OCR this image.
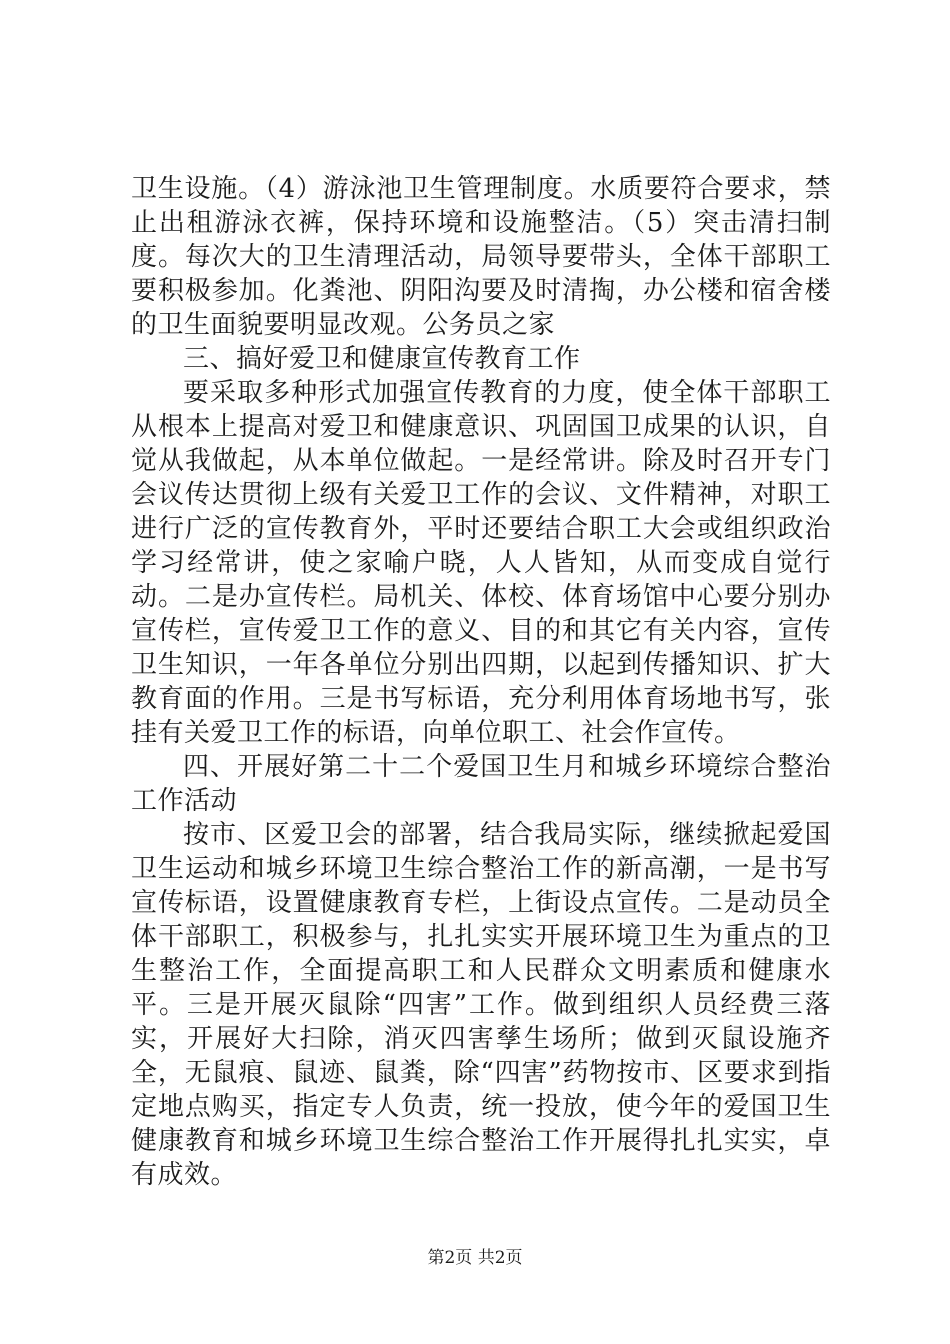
卫生设施。（4）游泳池卫生管理制度。水质要符合要求，禁止出租游泳衣裤，保持环境和设施整洁。（5）突击清扫制度。每次大的卫生清理活动，局领导要带头，全体干部职工要积极参加。化粪池、阴阳沟要及时清掏，办公楼和宿舍楼的卫生面貌要明显改观。公务员之家

三、搞好爱卫和健康宣传教育工作

要采取多种形式加强宣传教育的力度，使全体干部职工从根本上提高对爱卫和健康意识、巩固国卫成果的认识，自觉从我做起，从本单位做起。一是经常讲。除及时召开专门会议传达贯彻上级有关爱卫工作的会议、文件精神，对职工进行广泛的宣传教育外，平时还要结合职工大会或组织政治学习经常讲，使之家喻户晓，人人皆知，从而变成自觉行动。二是办宣传栏。局机关、体校、体育场馆中心要分别办宣传栏，宣传爱卫工作的意义、目的和其它有关内容，宣传卫生知识，一年各单位分别出四期，以起到传播知识、扩大教育面的作用。三是书写标语，充分利用体育场地书写，张挂有关爱卫工作的标语，向单位职工、社会作宣传。

四、开展好第二十二个爱国卫生月和城乡环境综合整治工作活动

按市、区爱卫会的部署，结合我局实际，继续掀起爱国卫生运动和城乡环境卫生综合整治工作的新高潮，一是书写宣传标语，设置健康教育专栏，上街设点宣传。二是动员全体干部职工，积极参与，扎扎实实开展环境卫生为重点的卫生整治工作，全面提高职工和人民群众文明素质和健康水平。三是开展灭鼠除“四害”工作。做到组织人员经费三落实，开展好大扫除，消灭四害孳生场所；做到灭鼠设施齐全，无鼠痕、鼠迹、鼠粪，除“四害”药物按市、区要求到指定地点购买，指定专人负责，统一投放，使今年的爱国卫生健康教育和城乡环境卫生综合整治工作开展得扎扎实实，卓有成效。

第2页 共2页
